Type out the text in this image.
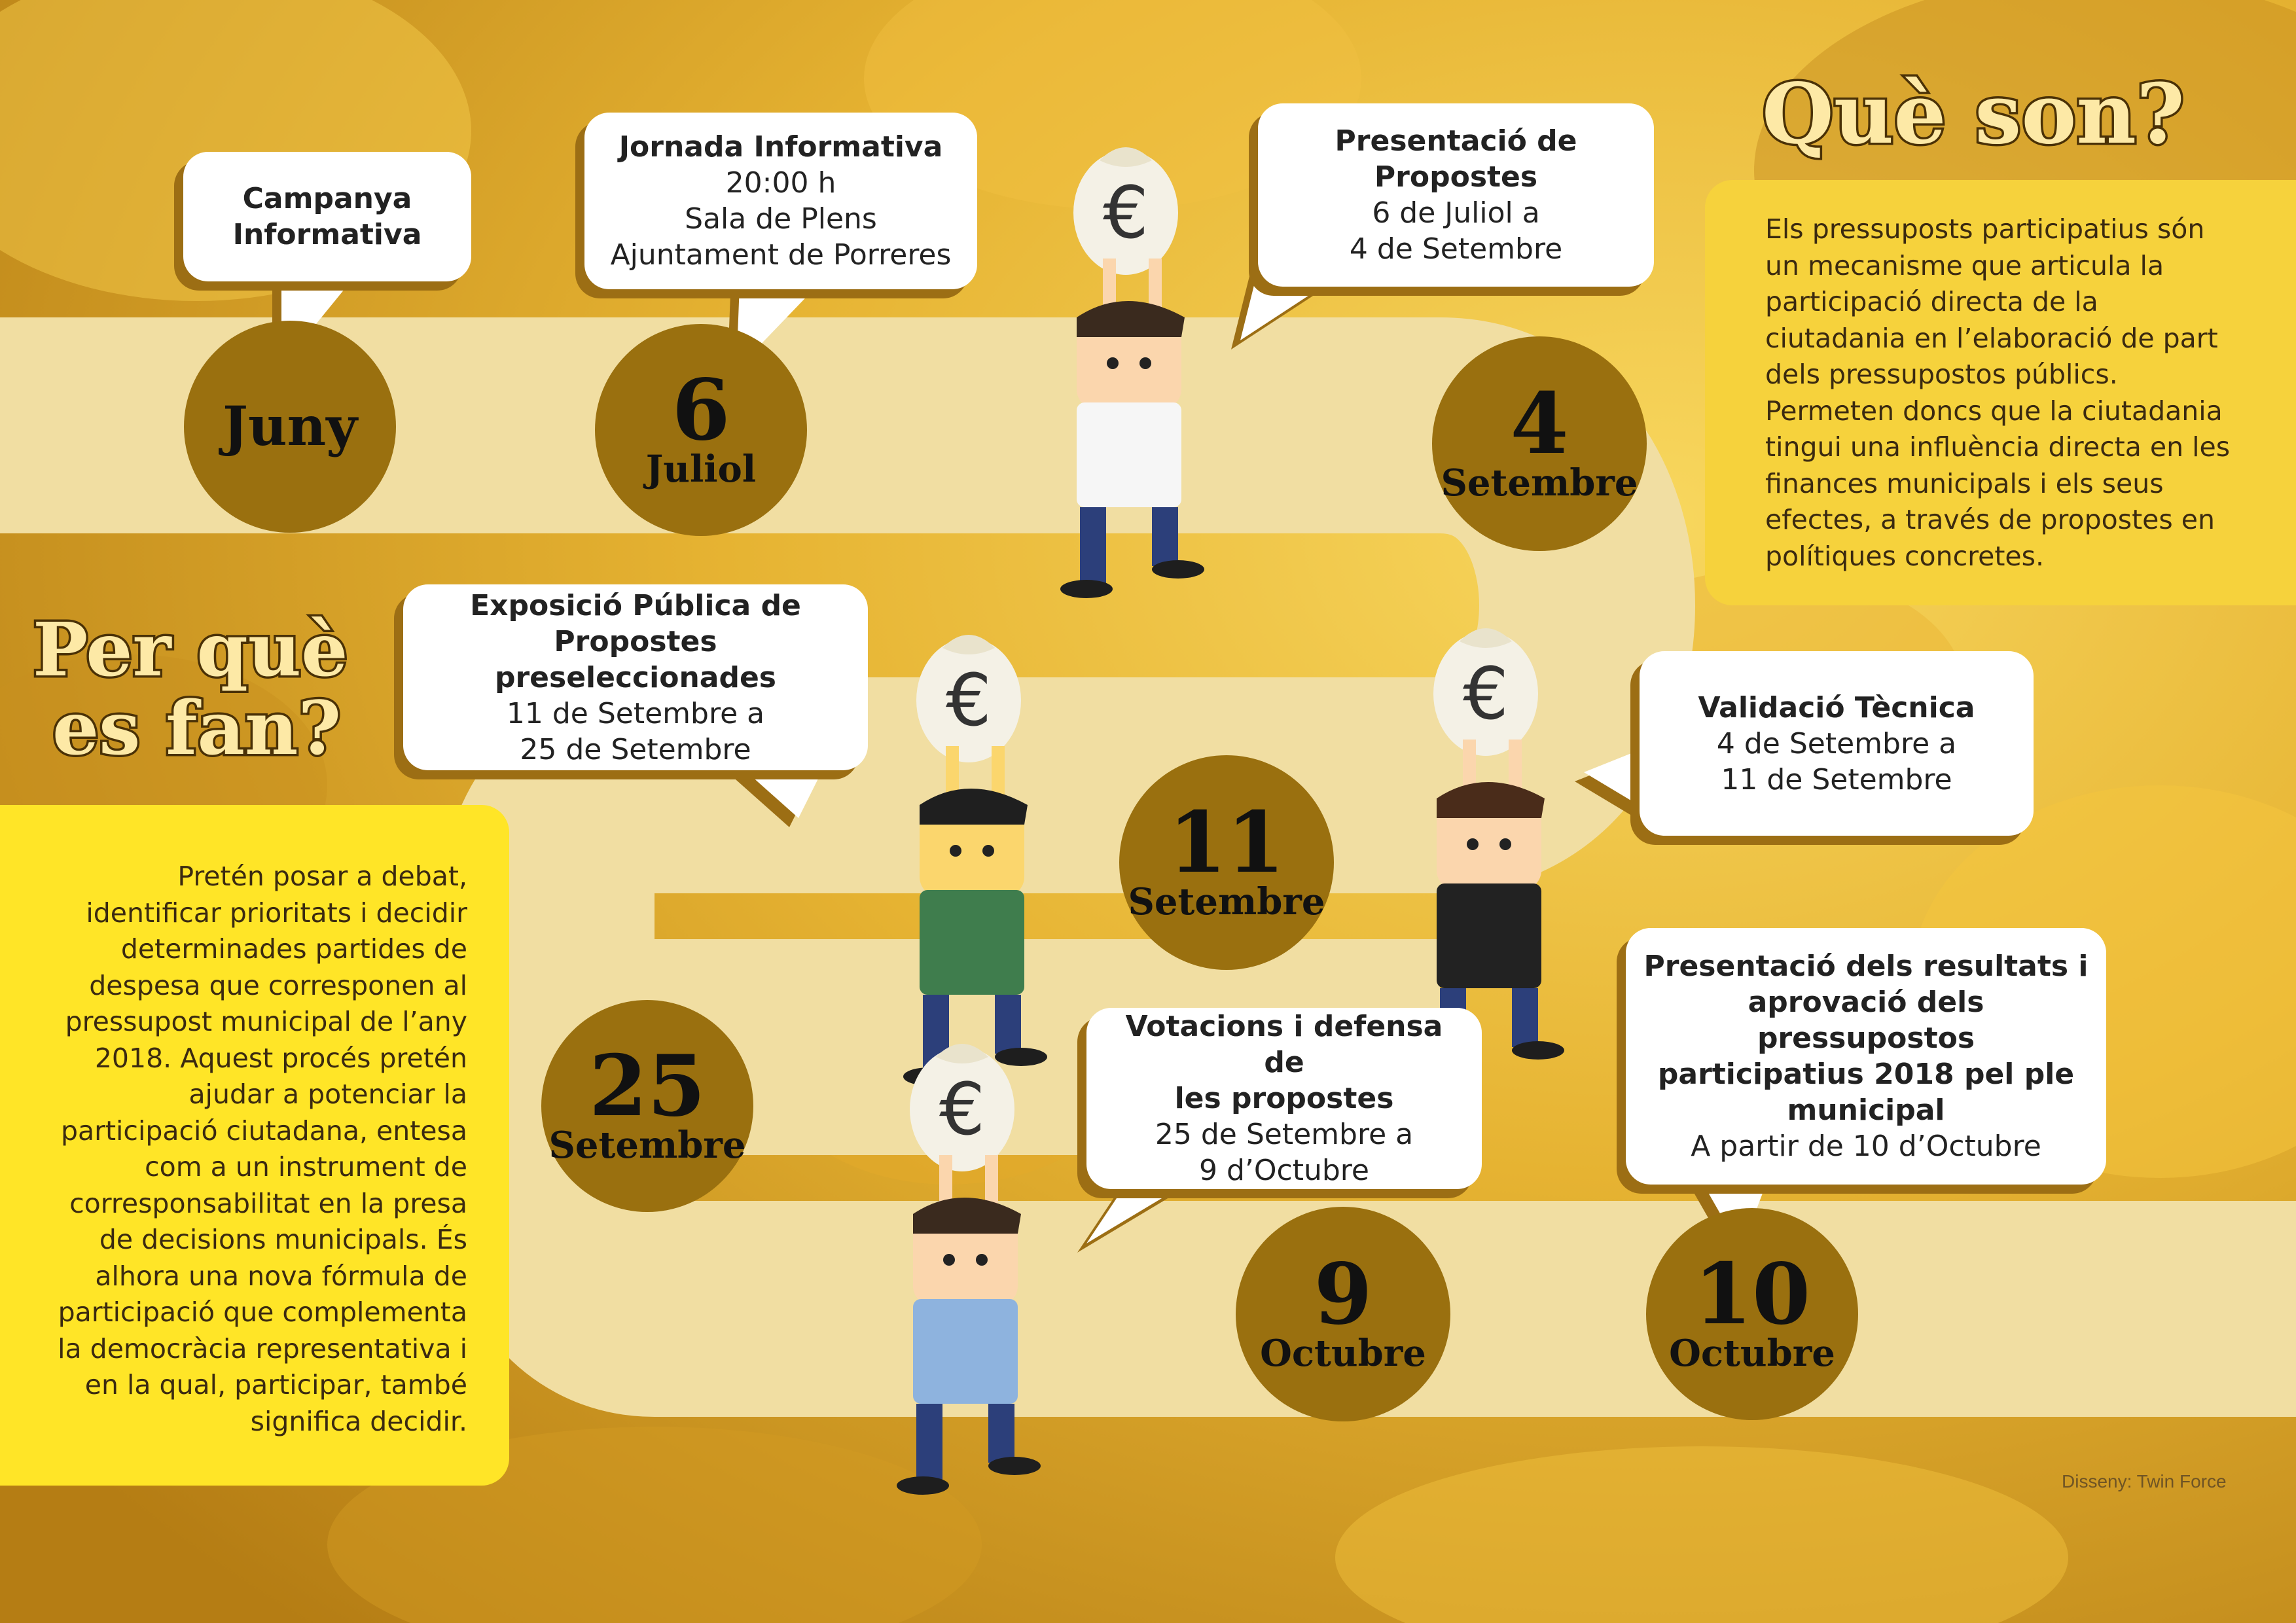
€
€	€
€
Juny	6
Juliol	4
Setembre
11
Setembre
25
Setembre
9
Octubre
10
Octubre
Campanya
Informativa
Jornada Informativa
20:00 h
Sala de Plens
Ajuntament de Porreres
Presentació de
Propostes
6 de Juliol a
4 de Setembre
Exposició Pública de
Propostes preseleccionades
11 de Setembre a
25 de Setembre
Validació Tècnica
4 de Setembre a
11 de Setembre
Votacions i defensa de
les propostes
25 de Setembre a
9 d’Octubre
Presentació dels resultats i
aprovació dels pressupostos
participatius 2018 pel ple
municipal
A partir de 10 d’Octubre
Què son?
Per què
es fan?
Els pressuposts participatius són
un mecanisme que articula la
participació directa de la
ciutadania en l’elaboració de part
dels pressupostos públics.
Permeten doncs que la ciutadania
tingui una influència directa en les
finances municipals i els seus
efectes, a través de propostes en
polítiques concretes.
Pretén posar a debat,
identificar prioritats i decidir
determinades partides de
despesa que corresponen al
pressupost municipal de l’any
2018. Aquest procés pretén
ajudar a potenciar la
participació ciutadana, entesa
com a un instrument de
corresponsabilitat en la presa
de decisions municipals. És
alhora una nova fórmula de
participació que complementa
la democràcia representativa i
en la qual, participar, també
significa decidir.
Disseny: Twin Force
